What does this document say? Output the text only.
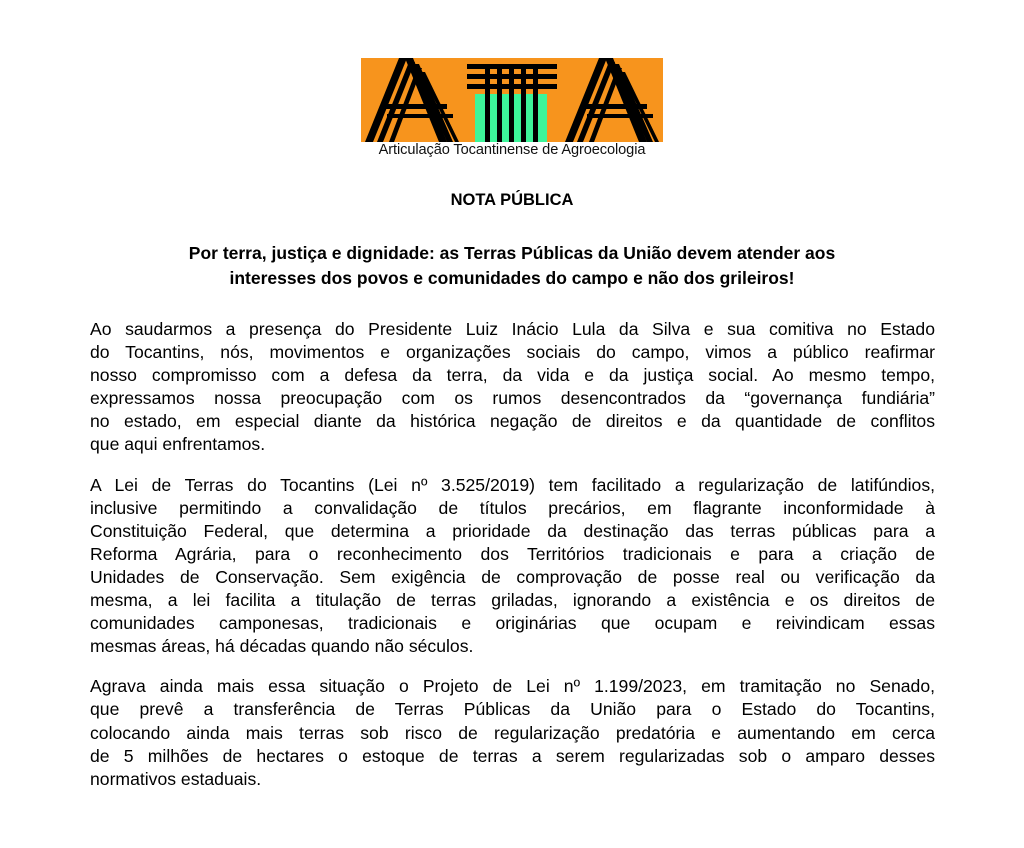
Articulação Tocantinense de Agroecologia
NOTA PÚBLICA
Por terra, justiça e dignidade: as Terras Públicas da União devem atender aos
interesses dos povos e comunidades do campo e não dos grileiros!

Ao saudarmos a presença do Presidente Luiz Inácio Lula da Silva e sua comitiva no Estado
do Tocantins, nós, movimentos e organizações sociais do campo, vimos a público reafirmar
nosso compromisso com a defesa da terra, da vida e da justiça social. Ao mesmo tempo,
expressamos nossa preocupação com os rumos desencontrados da “governança fundiária”
no estado, em especial diante da histórica negação de direitos e da quantidade de conflitos
que aqui enfrentamos.

A Lei de Terras do Tocantins (Lei nº 3.525/2019) tem facilitado a regularização de latifúndios,
inclusive permitindo a convalidação de títulos precários, em flagrante inconformidade à
Constituição Federal, que determina a prioridade da destinação das terras públicas para a
Reforma Agrária, para o reconhecimento dos Territórios tradicionais e para a criação de
Unidades de Conservação. Sem exigência de comprovação de posse real ou verificação da
mesma, a lei facilita a titulação de terras griladas, ignorando a existência e os direitos de
comunidades camponesas, tradicionais e originárias que ocupam e reivindicam essas
mesmas áreas, há décadas quando não séculos.

Agrava ainda mais essa situação o Projeto de Lei nº 1.199/2023, em tramitação no Senado,
que prevê a transferência de Terras Públicas da União para o Estado do Tocantins,
colocando ainda mais terras sob risco de regularização predatória e aumentando em cerca
de 5 milhões de hectares o estoque de terras a serem regularizadas sob o amparo desses
normativos estaduais.
